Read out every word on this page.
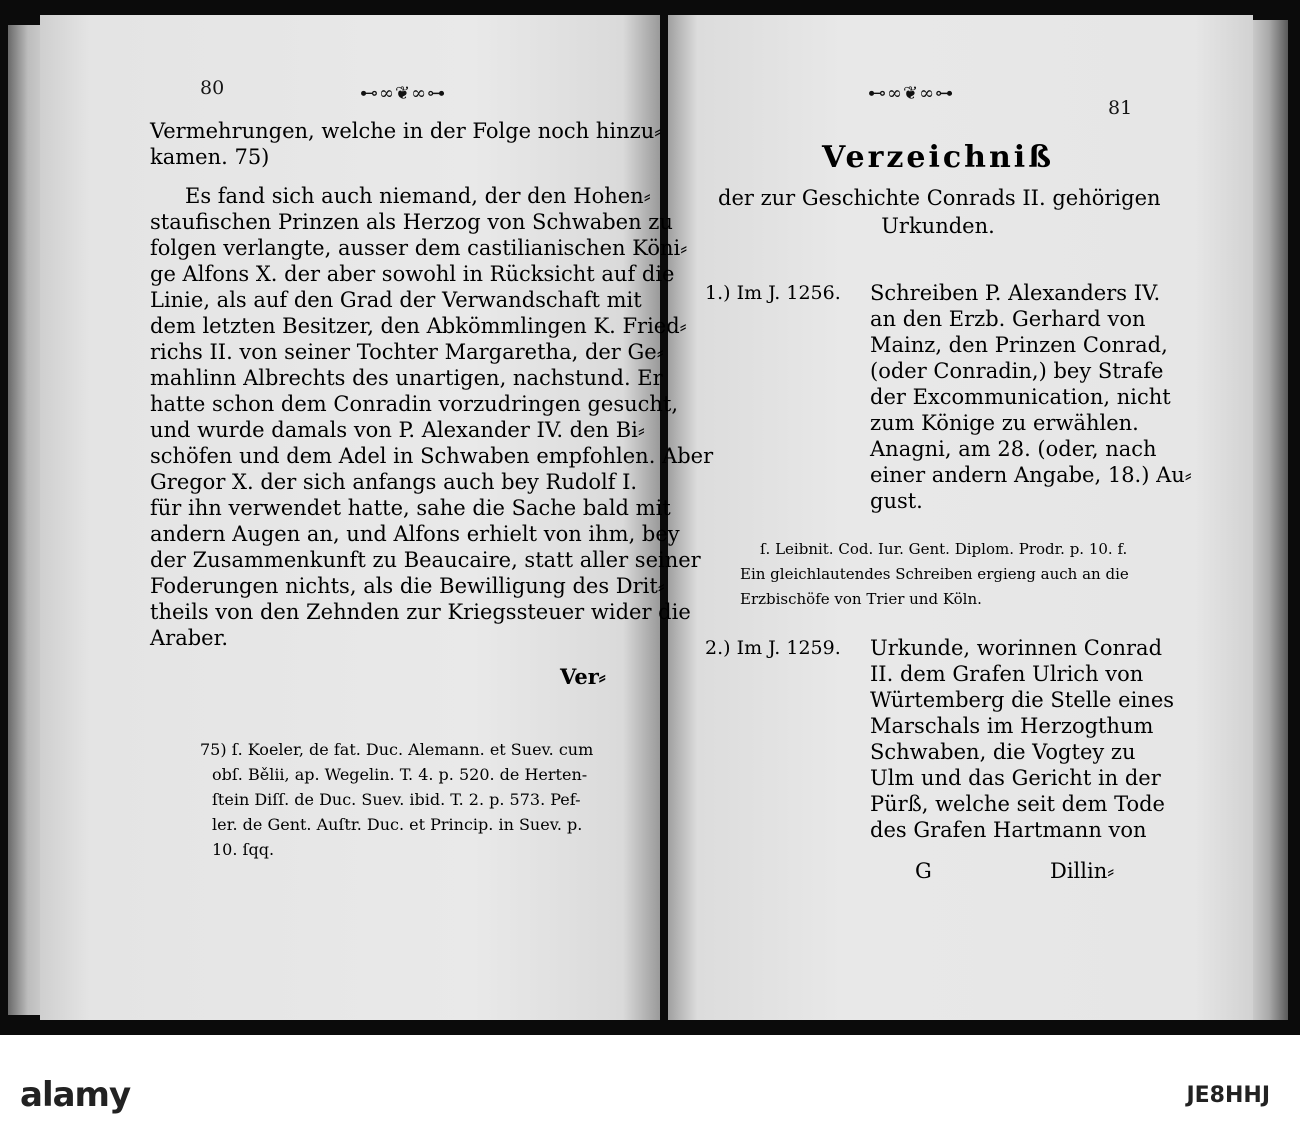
80	⊷∞❦∞⊶	⊷∞❦∞⊶
81
Vermehrungen, welche in der Folge noch hinzu⸗
kamen. 75)
Es fand sich auch niemand, der den Hohen⸗
staufischen Prinzen als Herzog von Schwaben zu
folgen verlangte, ausser dem castilianischen Köni⸗
ge Alfons X. der aber sowohl in Rücksicht auf die
Linie, als auf den Grad der Verwandschaft mit
dem letzten Besitzer, den Abkömmlingen K. Fried⸗
richs II. von seiner Tochter Margaretha, der Ge⸗
mahlinn Albrechts des unartigen, nachstund. Er
hatte schon dem Conradin vorzudringen gesucht,
und wurde damals von P. Alexander IV. den Bi⸗
schöfen und dem Adel in Schwaben empfohlen. Aber
Gregor X. der sich anfangs auch bey Rudolf I.
für ihn verwendet hatte, sahe die Sache bald mit
andern Augen an, und Alfons erhielt von ihm, bey
der Zusammenkunft zu Beaucaire, statt aller seiner
Foderungen nichts, als die Bewilligung des Drit⸗
theils von den Zehnden zur Kriegssteuer wider die
Araber.
Ver⸗
75) ſ. Koeler, de fat. Duc. Alemann. et Suev. cum
obſ. Bělii, ap. Wegelin. T. 4. p. 520. de Herten-
ſtein Diſſ. de Duc. Suev. ibid. T. 2. p. 573. Pef-
ler. de Gent. Auſtr. Duc. et Princip. in Suev. p.
10. ſqq.
Verzeichniß
der zur Geschichte Conrads II. gehörigen
Urkunden.
1.) Im J. 1256. Schreiben P. Alexanders IV.
an den Erzb. Gerhard von
Mainz, den Prinzen Conrad,
(oder Conradin,) bey Strafe
der Excommunication, nicht
zum Könige zu erwählen.
Anagni, am 28. (oder, nach
einer andern Angabe, 18.) Au⸗
gust.
ſ. Leibnit. Cod. Iur. Gent. Diplom. Prodr. p. 10. f.
Ein gleichlautendes Schreiben ergieng auch an die
Erzbischöfe von Trier und Köln.
2.) Im J. 1259. Urkunde, worinnen Conrad
II. dem Grafen Ulrich von
Würtemberg die Stelle eines
Marschals im Herzogthum
Schwaben, die Vogtey zu
Ulm und das Gericht in der
Pürß, welche seit dem Tode
des Grafen Hartmann von
G	Dillin⸗
alamy	JE8HHJ
